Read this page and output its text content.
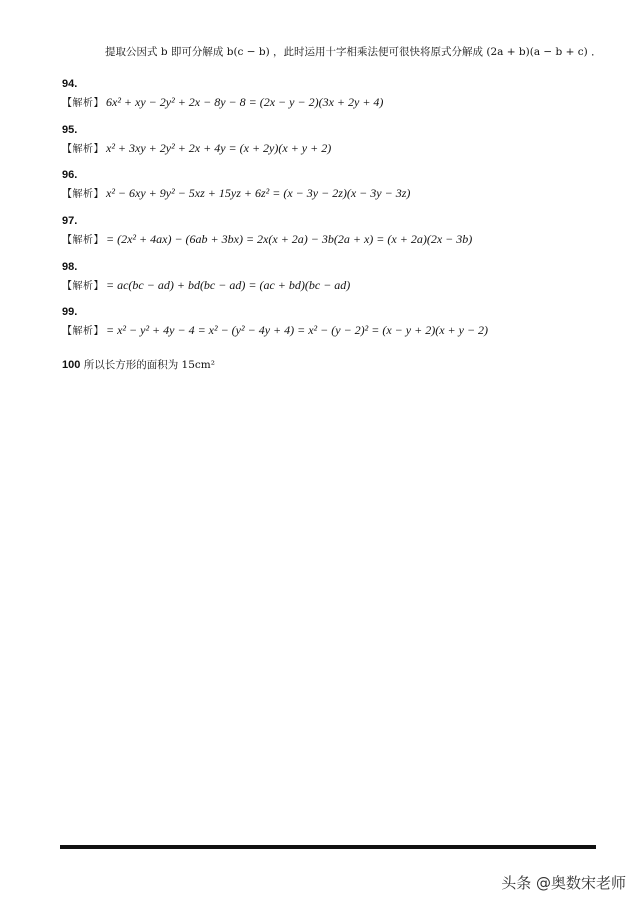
提取公因式 b 即可分解成 b(c − b) ，此时运用十字相乘法便可很快将原式分解成 (2a + b)(a − b + c) ．
94.
【解析】 6x² + xy − 2y² + 2x − 8y − 8 = (2x − y − 2)(3x + 2y + 4)
95.
【解析】 x² + 3xy + 2y² + 2x + 4y = (x + 2y)(x + y + 2)
96.
【解析】 x² − 6xy + 9y² − 5xz + 15yz + 6z² = (x − 3y − 2z)(x − 3y − 3z)
97.
【解析】 = (2x² + 4ax) − (6ab + 3bx) = 2x(x + 2a) − 3b(2a + x) = (x + 2a)(2x − 3b)
98.
【解析】 = ac(bc − ad) + bd(bc − ad) = (ac + bd)(bc − ad)
99.
【解析】 = x² − y² + 4y − 4 = x² − (y² − 4y + 4) = x² − (y − 2)² = (x − y + 2)(x + y − 2)
100 所以长方形的面积为 15cm²
头条 @奥数宋老师
